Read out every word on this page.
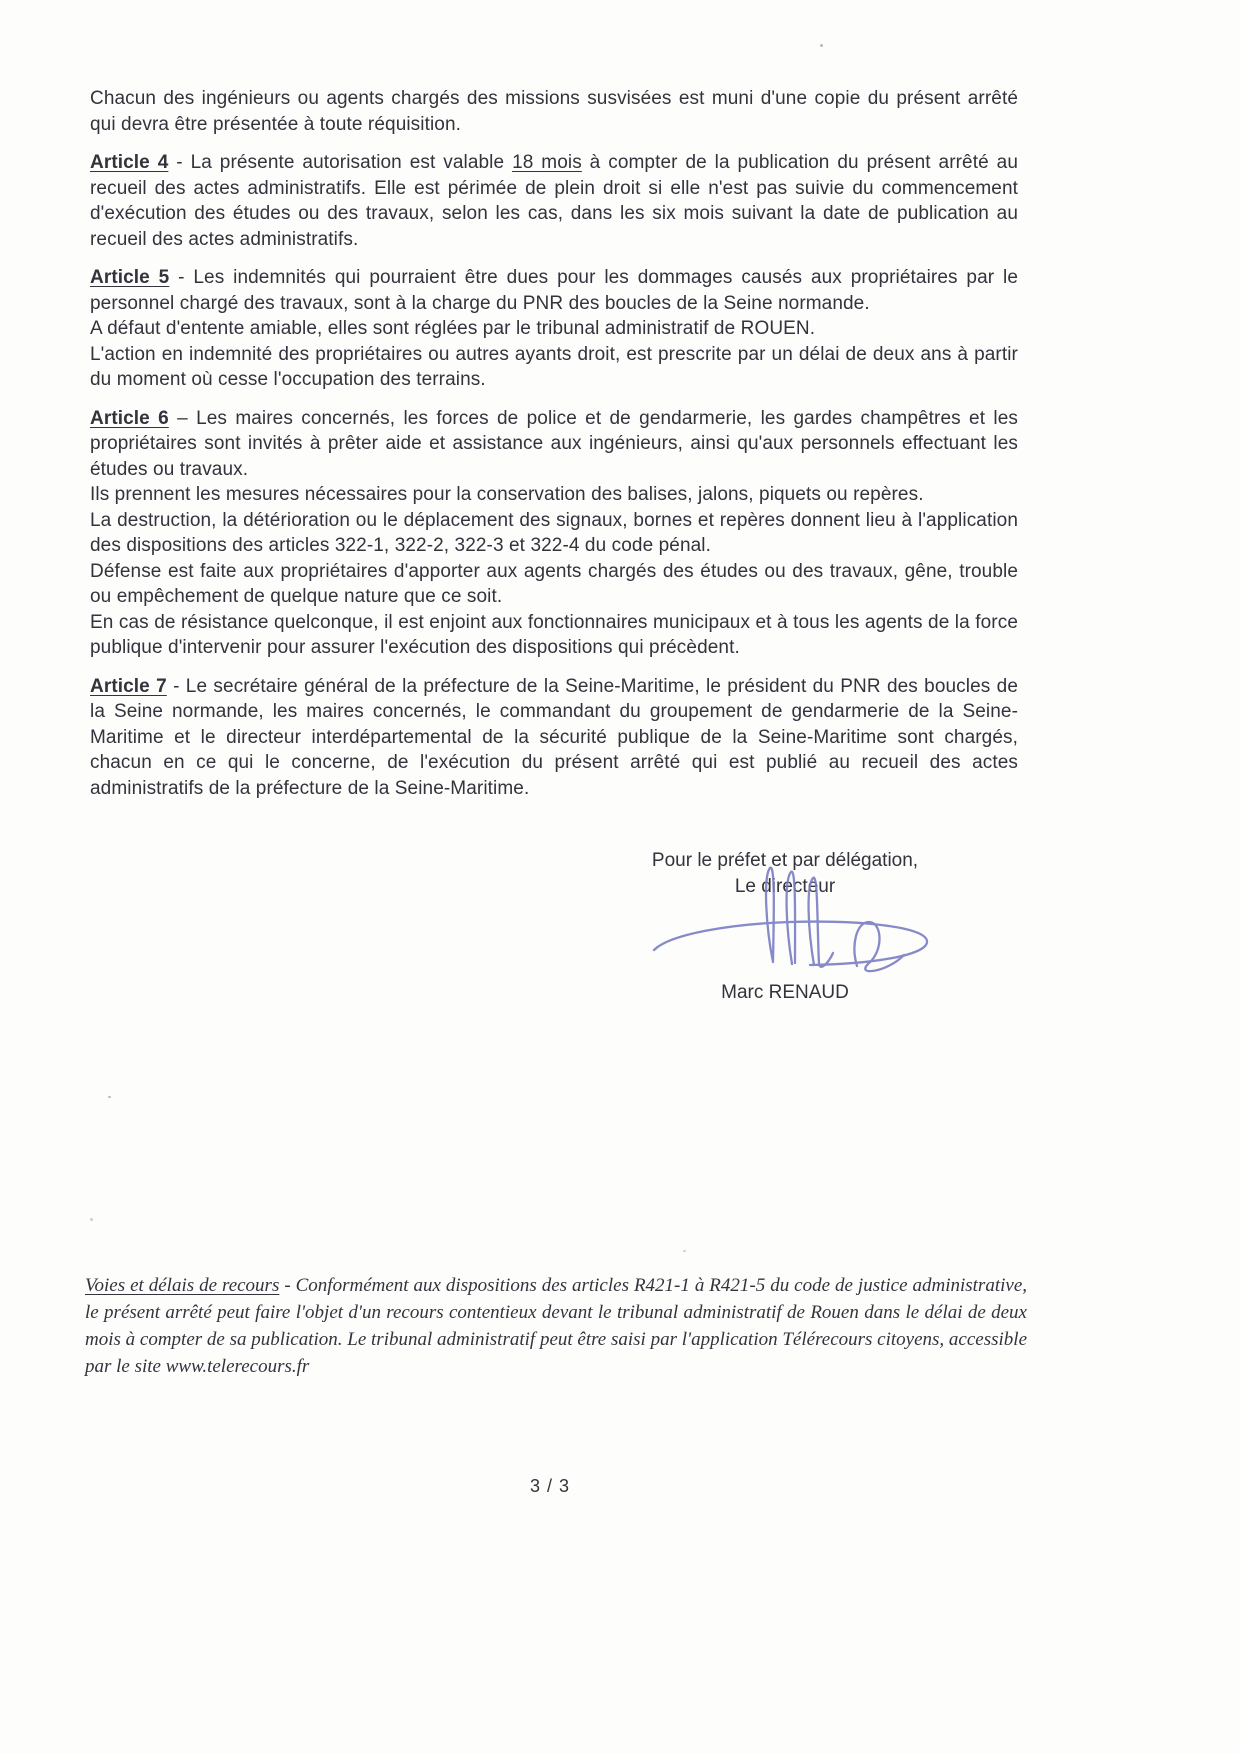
Chacun des ingénieurs ou agents chargés des missions susvisées est muni d'une copie du présent arrêté qui devra être présentée à toute réquisition.

Article 4 - La présente autorisation est valable 18 mois à compter de la publication du présent arrêté au recueil des actes administratifs. Elle est périmée de plein droit si elle n'est pas suivie du commencement d'exécution des études ou des travaux, selon les cas, dans les six mois suivant la date de publication au recueil des actes administratifs.

Article 5 - Les indemnités qui pourraient être dues pour les dommages causés aux propriétaires par le personnel chargé des travaux, sont à la charge du PNR des boucles de la Seine normande.

A défaut d'entente amiable, elles sont réglées par le tribunal administratif de ROUEN.

L'action en indemnité des propriétaires ou autres ayants droit, est prescrite par un délai de deux ans à partir du moment où cesse l'occupation des terrains.

Article 6 – Les maires concernés, les forces de police et de gendarmerie, les gardes champêtres et les propriétaires sont invités à prêter aide et assistance aux ingénieurs, ainsi qu'aux personnels effectuant les études ou travaux.

Ils prennent les mesures nécessaires pour la conservation des balises, jalons, piquets ou repères.

La destruction, la détérioration ou le déplacement des signaux, bornes et repères donnent lieu à l'application des dispositions des articles 322-1, 322-2, 322-3 et 322-4 du code pénal.

Défense est faite aux propriétaires d'apporter aux agents chargés des études ou des travaux, gêne, trouble ou empêchement de quelque nature que ce soit.

En cas de résistance quelconque, il est enjoint aux fonctionnaires municipaux et à tous les agents de la force publique d'intervenir pour assurer l'exécution des dispositions qui précèdent.

Article 7 - Le secrétaire général de la préfecture de la Seine-Maritime, le président du PNR des boucles de la Seine normande, les maires concernés, le commandant du groupement de gendarmerie de la Seine-Maritime et le directeur interdépartemental de la sécurité publique de la Seine-Maritime sont chargés, chacun en ce qui le concerne, de l'exécution du présent arrêté qui est publié au recueil des actes administratifs de la préfecture de la Seine-Maritime.

Pour le préfet et par délégation,

Le directeur

Marc RENAUD

Voies et délais de recours - Conformément aux dispositions des articles R421-1 à R421-5 du code de justice administrative, le présent arrêté peut faire l'objet d'un recours contentieux devant le tribunal administratif de Rouen dans le délai de deux mois à compter de sa publication. Le tribunal administratif peut être saisi par l'application Télérecours citoyens, accessible par le site www.telerecours.fr

3 / 3
